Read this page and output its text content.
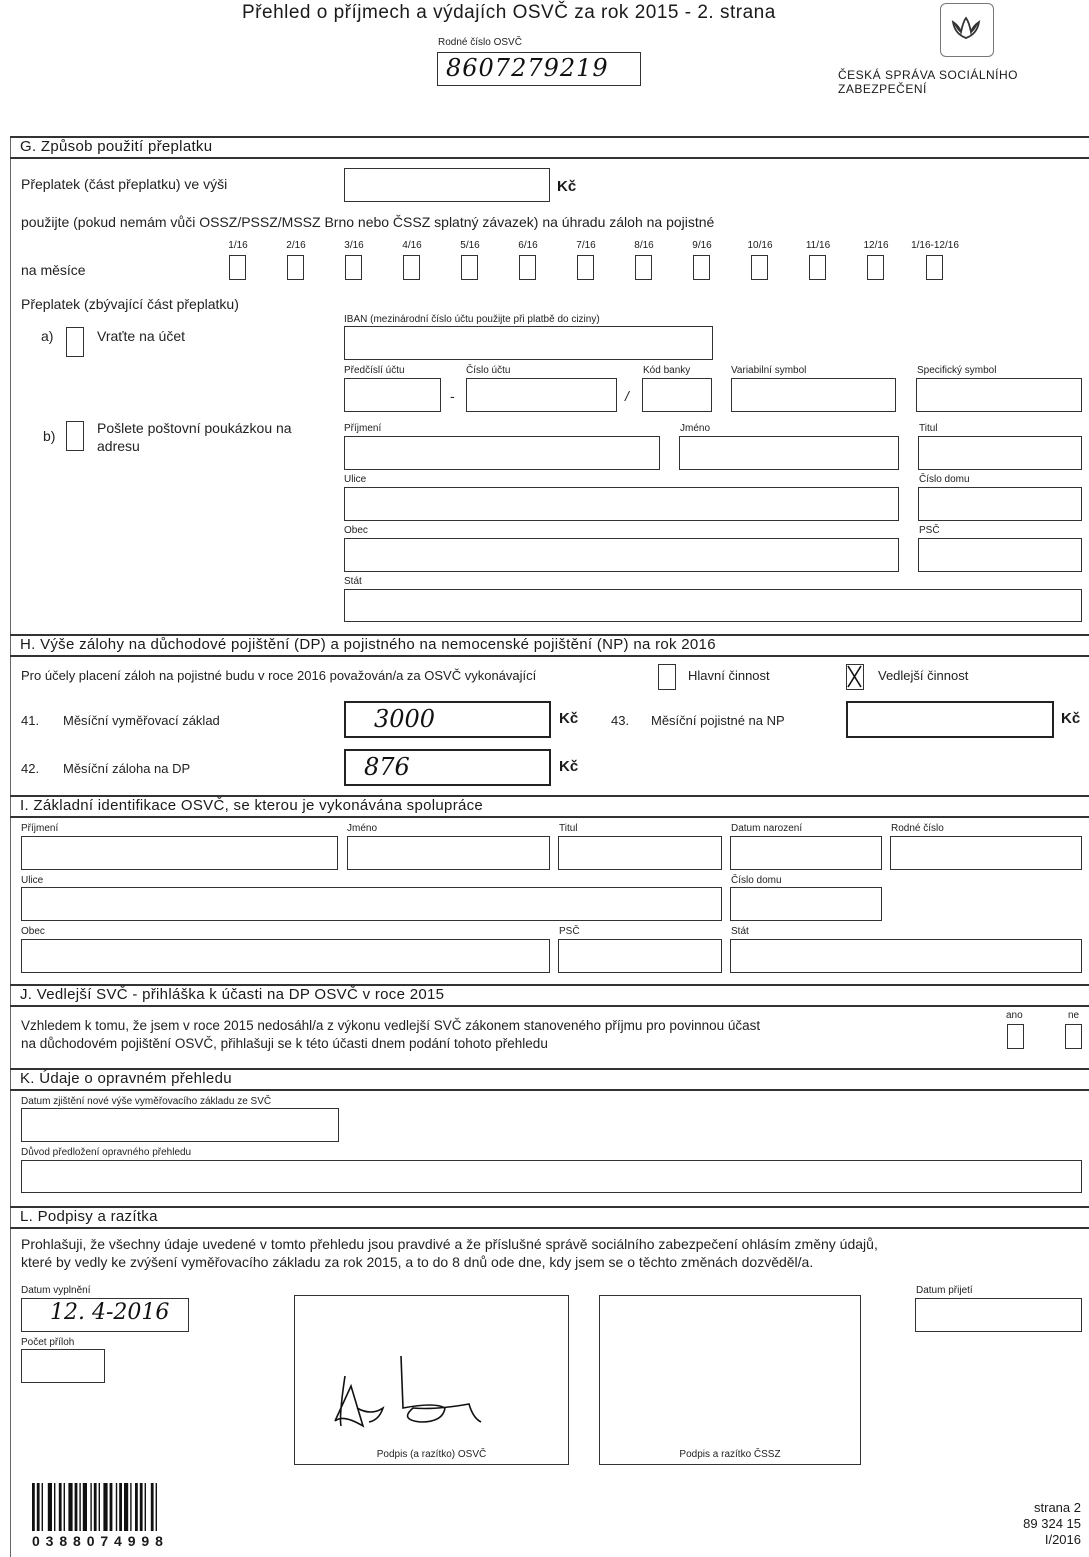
Přehled o příjmech a výdajích OSVČ za rok 2015 - 2. strana
Rodné číslo OSVČ
8607279219	ČESKÁ SPRÁVA SOCIÁLNÍHO ZABEZPEČENÍ
G. Způsob použití přeplatku
Přeplatek (část přeplatku) ve výši	Kč
použijte (pokud nemám vůči OSSZ/PSSZ/MSSZ Brno nebo ČSSZ splatný závazek) na úhradu záloh na pojistné
na měsíce
1/16	2/16	3/16	4/16	5/16	6/16	7/16	8/16	9/16	10/16	11/16	12/16	1/16-12/16
Přeplatek (zbývající část přeplatku)
a)	Vraťte na účet
b)	Pošlete poštovní poukázkou na
adresu
IBAN (mezinárodní číslo účtu použijte při platbě do ciziny)
Předčíslí účtu
-
Číslo účtu
/
Kód banky	Variabilní symbol	Specifický symbol
Příjmení	Jméno	Titul
Ulice	Číslo domu
Obec	PSČ
Stát
H. Výše zálohy na důchodové pojištění (DP) a pojistného na nemocenské pojištění (NP) na rok 2016
Pro účely placení záloh na pojistné budu v roce 2016 považován/a za OSVČ vykonávající	Hlavní činnost	Vedlejší činnost
41. Měsíční vyměřovací základ	3000	Kč	43. Měsíční pojistné na NP	Kč
42. Měsíční záloha na DP	876	Kč
I. Základní identifikace OSVČ, se kterou je vykonávána spolupráce
Příjmení	Jméno	Titul	Datum narození	Rodné číslo
Ulice	Číslo domu
Obec	PSČ	Stát
J. Vedlejší SVČ - přihláška k účasti na DP OSVČ v roce 2015
Vzhledem k tomu, že jsem v roce 2015 nedosáhl/a z výkonu vedlejší SVČ zákonem stanoveného příjmu pro povinnou účast
na důchodovém pojištění OSVČ, přihlašuji se k této účasti dnem podání tohoto přehledu
ano	ne
K. Údaje o opravném přehledu
Datum zjištění nové výše vyměřovacího základu ze SVČ
Důvod předložení opravného přehledu
L. Podpisy a razítka
Prohlašuji, že všechny údaje uvedené v tomto přehledu jsou pravdivé a že příslušné správě sociálního zabezpečení ohlásím změny údajů,
které by vedly ke zvýšení vyměřovacího základu za rok 2015, a to do 8 dnů ode dne, kdy jsem se o těchto změnách dozvěděl/a.
Datum vyplnění
12. 4-2016
Počet příloh
Podpis (a razítko) OSVČ	Podpis a razítko ČSSZ
Datum přijetí
0 3 8 8 0 7 4 9 9 8
strana 2
89 324 15
I/2016
